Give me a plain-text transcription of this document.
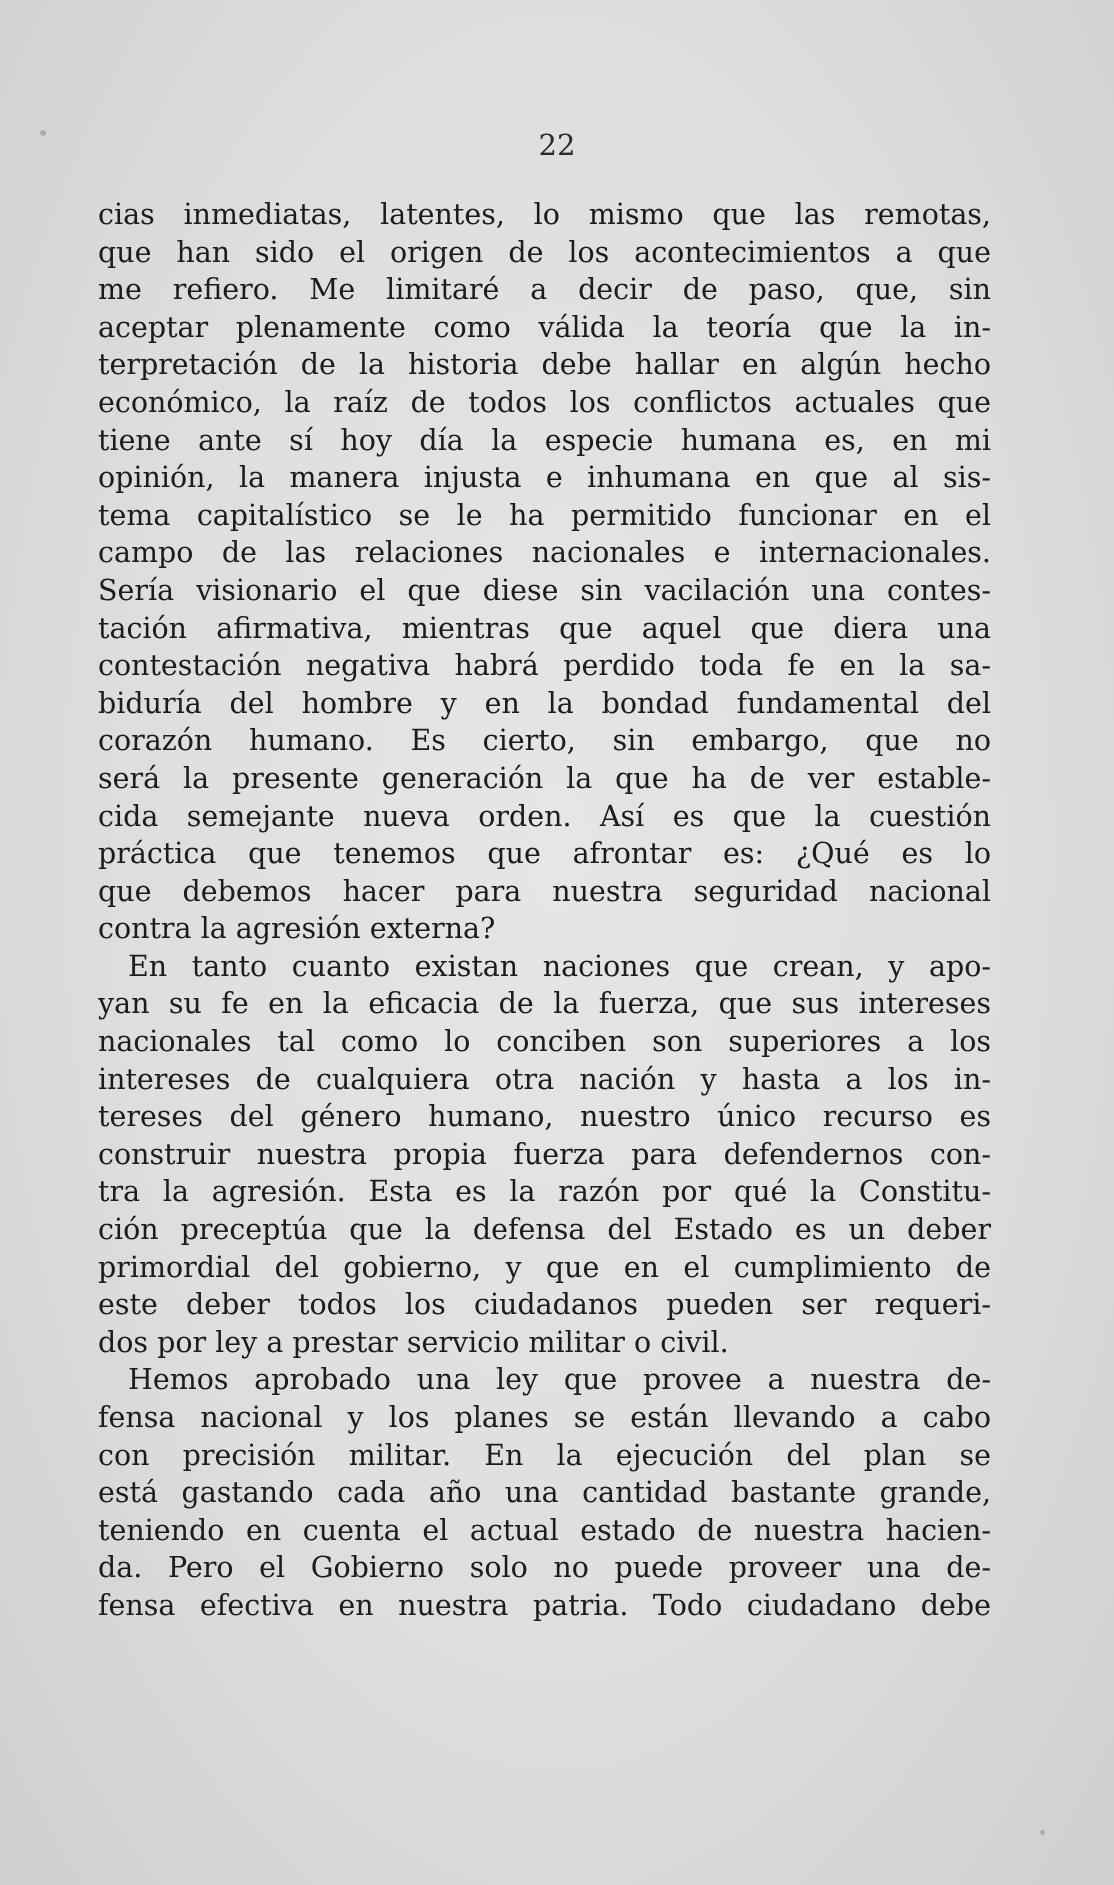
22
cias inmediatas, latentes, lo mismo que las remotas,
que han sido el origen de los acontecimientos a que
me refiero. Me limitaré a decir de paso, que, sin
aceptar plenamente como válida la teoría que la in-
terpretación de la historia debe hallar en algún hecho
económico, la raíz de todos los conflictos actuales que
tiene ante sí hoy día la especie humana es, en mi
opinión, la manera injusta e inhumana en que al sis-
tema capitalístico se le ha permitido funcionar en el
campo de las relaciones nacionales e internacionales.
Sería visionario el que diese sin vacilación una contes-
tación afirmativa, mientras que aquel que diera una
contestación negativa habrá perdido toda fe en la sa-
biduría del hombre y en la bondad fundamental del
corazón humano. Es cierto, sin embargo, que no
será la presente generación la que ha de ver estable-
cida semejante nueva orden. Así es que la cuestión
práctica que tenemos que afrontar es: ¿Qué es lo
que debemos hacer para nuestra seguridad nacional
contra la agresión externa?
En tanto cuanto existan naciones que crean, y apo-
yan su fe en la eficacia de la fuerza, que sus intereses
nacionales tal como lo conciben son superiores a los
intereses de cualquiera otra nación y hasta a los in-
tereses del género humano, nuestro único recurso es
construir nuestra propia fuerza para defendernos con-
tra la agresión. Esta es la razón por qué la Constitu-
ción preceptúa que la defensa del Estado es un deber
primordial del gobierno, y que en el cumplimiento de
este deber todos los ciudadanos pueden ser requeri-
dos por ley a prestar servicio militar o civil.
Hemos aprobado una ley que provee a nuestra de-
fensa nacional y los planes se están llevando a cabo
con precisión militar. En la ejecución del plan se
está gastando cada año una cantidad bastante grande,
teniendo en cuenta el actual estado de nuestra hacien-
da. Pero el Gobierno solo no puede proveer una de-
fensa efectiva en nuestra patria. Todo ciudadano debe
